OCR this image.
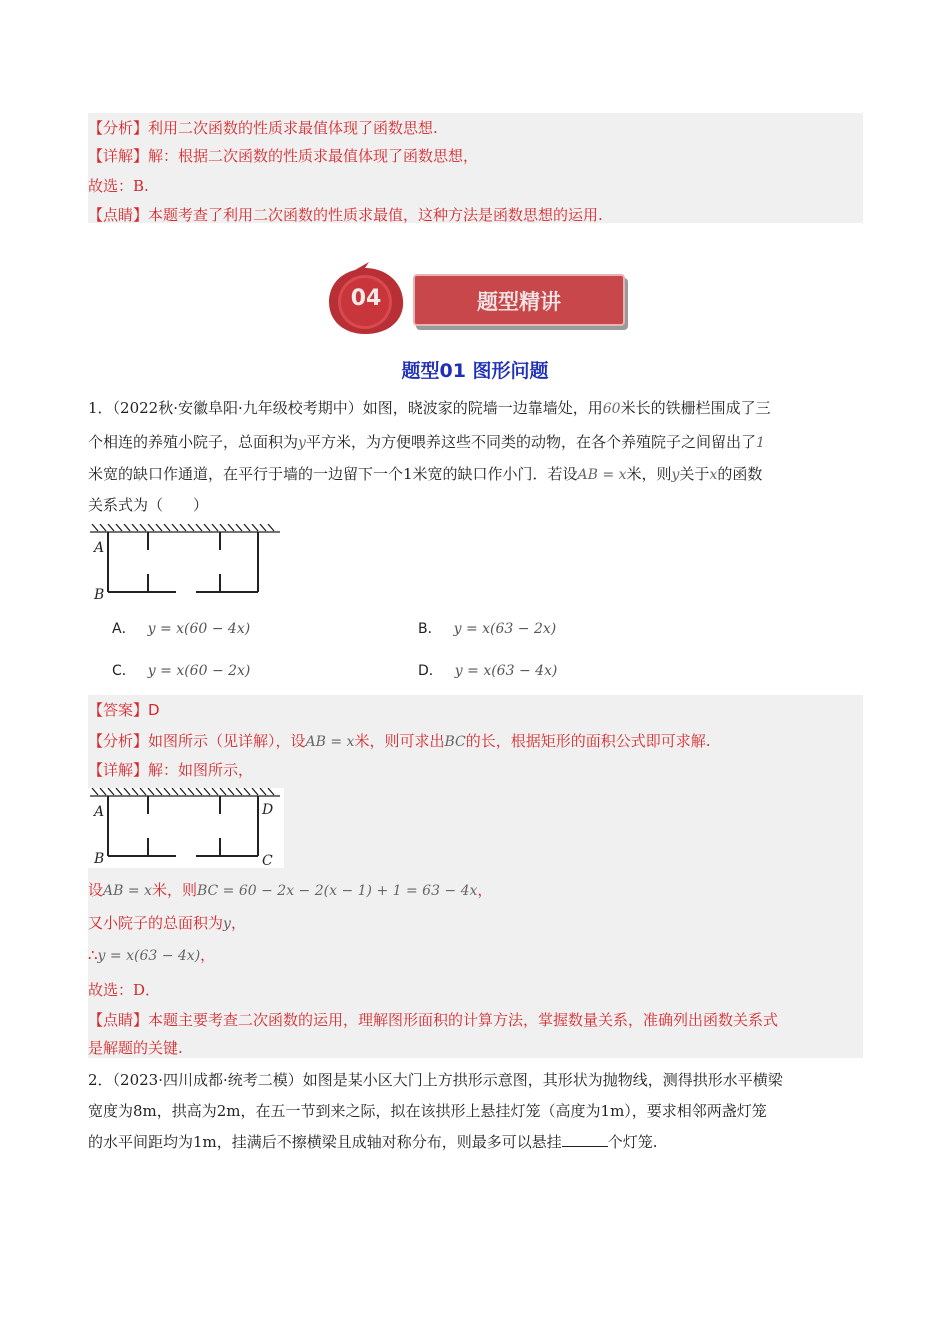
【分析】利用二次函数的性质求最值体现了函数思想.
【详解】解：根据二次函数的性质求最值体现了函数思想，
故选：B.
【点睛】本题考查了利用二次函数的性质求最值，这种方法是函数思想的运用.
04	题型精讲
题型01 图形问题
1．（2022秋·安徽阜阳·九年级校考期中）如图，晓波家的院墙一边靠墙处，用60米长的铁栅栏围成了三
个相连的养殖小院子，总面积为y平方米，为方便喂养这些不同类的动物，在各个养殖院子之间留出了1
米宽的缺口作通道，在平行于墙的一边留下一个1米宽的缺口作小门．若设AB = x米，则y关于x的函数
关系式为（　　）
A
B
A． y = x(60 − 4x)	B． y = x(63 − 2x)
C． y = x(60 − 2x)	D． y = x(63 − 4x)
【答案】D
【分析】如图所示（见详解），设AB = x米，则可求出BC的长，根据矩形的面积公式即可求解.
【详解】解：如图所示，
A
B
D
C
设AB = x米，则BC = 60 − 2x − 2(x − 1) + 1 = 63 − 4x，
又小院子的总面积为y，
∴y = x(63 − 4x)，
故选：D．
【点睛】本题主要考查二次函数的运用，理解图形面积的计算方法，掌握数量关系，准确列出函数关系式
是解题的关键.
2．（2023·四川成都·统考二模）如图是某小区大门上方拱形示意图，其形状为抛物线，测得拱形水平横梁
宽度为8m，拱高为2m，在五一节到来之际，拟在该拱形上悬挂灯笼（高度为1m），要求相邻两盏灯笼
的水平间距均为1m，挂满后不擦横梁且成轴对称分布，则最多可以悬挂	个灯笼.
